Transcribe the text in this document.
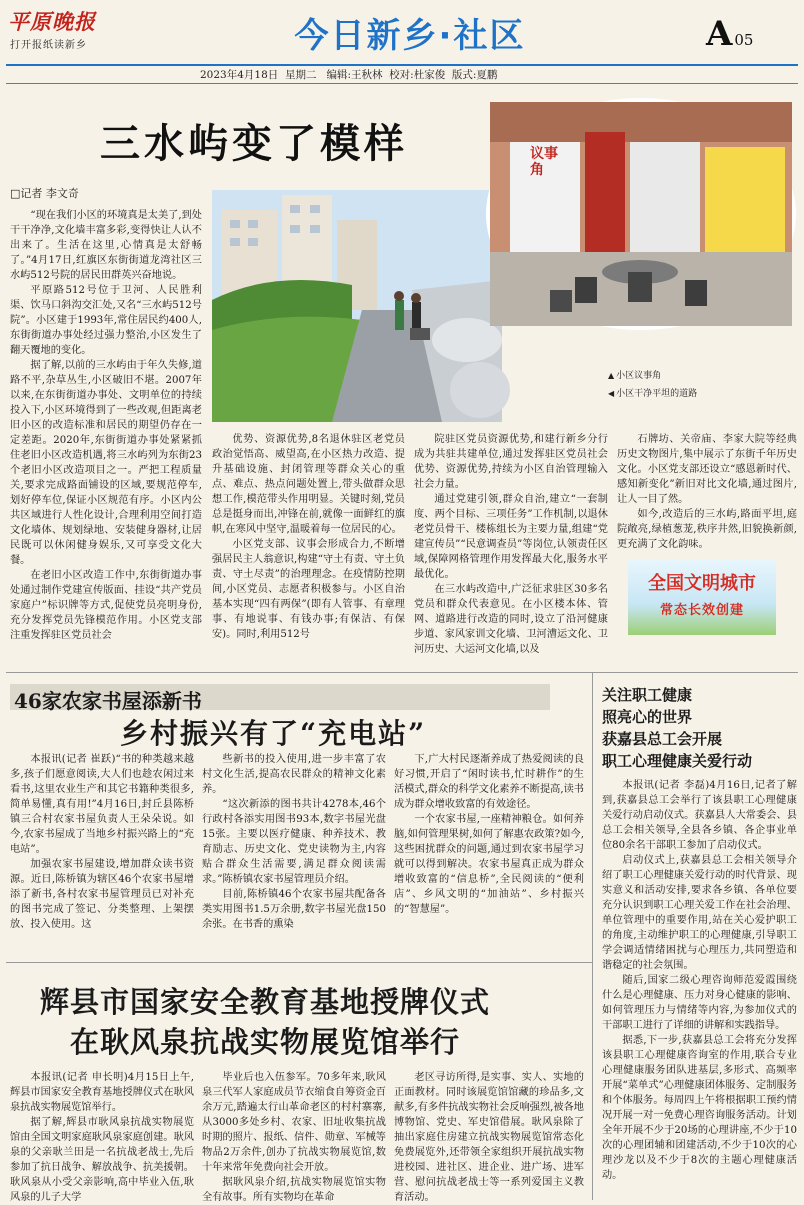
平原晚报
打开报纸读新乡	今日新乡·社区	A 05
2023年4月18日  星期二   编辑:王秋林  校对:杜家俊  版式:夏鹏
三水屿变了模样
□记者 李文奇

“现在我们小区的环境真是太美了,到处干干净净,文化墙丰富多彩,变得快让人认不出来了。生活在这里,心情真是太舒畅了。”4月17日,红旗区东街街道龙湾社区三水屿512号院的居民田群英兴奋地说。

平原路512号位于卫河、人民胜利渠、饮马口斜沟交汇处,又名“三水屿512号院”。小区建于1993年,常住居民约400人,东街街道办事处经过强力整治,小区发生了翻天覆地的变化。

据了解,以前的三水屿由于年久失修,道路不平,杂草丛生,小区破旧不堪。2007年以来,在东街街道办事处、文明单位的持续投入下,小区环境得到了一些改观,但距离老旧小区的改造标准和居民的期望仍存在一定差距。2020年,东街街道办事处紧紧抓住老旧小区改造机遇,将三水屿列为东街23个老旧小区改造项目之一。严把工程质量关,要求完成路面铺设的区域,要规范停车,划好停车位,保证小区规范有序。小区内公共区域进行人性化设计,合理利用空间打造文化墙体、规划绿地、安装健身器材,让居民既可以休闲健身娱乐,又可享受文化大餐。

在老旧小区改造工作中,东街街道办事处通过制作党建宣传版面、挂设“共产党员家庭户”标识牌等方式,促使党员亮明身份,充分发挥党员先锋模范作用。小区党支部注重发挥驻区党员社会

议事角
▲ 小区议事角
◀ 小区干净平坦的道路

优势、资源优势,8名退休驻区老党员政治觉悟高、威望高,在小区热力改造、提升基础设施、封闭管理等群众关心的重点、难点、热点问题处置上,带头做群众思想工作,模范带头作用明显。关键时刻,党员总是挺身而出,冲锋在前,就像一面鲜红的旗帜,在寒风中坚守,温暖着每一位居民的心。

小区党支部、议事会形成合力,不断增强居民主人翁意识,构建“守土有责、守土负责、守土尽责”的治理理念。在疫情防控期间,小区党员、志愿者积极参与。小区自治基本实现“四有两保”(即有人管事、有章理事、有地说事、有钱办事;有保洁、有保安)。同时,利用512号

院驻区党员资源优势,和建行新乡分行成为共驻共建单位,通过发挥驻区党员社会优势、资源优势,持续为小区自治管理输入社会力量。

通过党建引领,群众自治,建立“一套制度、两个目标、三项任务”工作机制,以退休老党员骨干、楼栋组长为主要力量,组建“党建宣传员”“民意调查员”等岗位,认领责任区域,保障网格管理作用发挥最大化,服务水平最优化。

在三水屿改造中,广泛征求驻区30多名党员和群众代表意见。在小区楼本体、管网、道路进行改造的同时,设立了沿河健康步道、家风家训文化墙、卫河漕运文化、卫河历史、大运河文化墙,以及

石牌坊、关帝庙、李家大院等经典历史文物图片,集中展示了东街千年历史文化。小区党支部还设立“感恩新时代、感知新变化”新旧对比文化墙,通过图片,让人一目了然。

如今,改造后的三水屿,路面平坦,庭院敞亮,绿植葱茏,秩序井然,旧貌换新颜,更充满了文化韵味。

全国文明城市
常态长效创建
46家农家书屋添新书
乡村振兴有了“充电站”

本报讯(记者 崔跃)“书的种类越来越多,孩子们愿意阅读,大人们也趁农闲过来看书,这里农业生产和其它书籍种类很多,简单易懂,真有用!”4月16日,封丘县陈桥镇三合村农家书屋负责人王朵朵说。如今,农家书屋成了当地乡村振兴路上的“充电站”。

加强农家书屋建设,增加群众读书资源。近日,陈桥镇为辖区46个农家书屋增添了新书,各村农家书屋管理员已对补充的图书完成了签记、分类整理、上架摆放、投入使用。这

些新书的投入使用,进一步丰富了农村文化生活,提高农民群众的精神文化素养。

“这次新添的图书共计4278本,46个行政村各添实用图书93本,数字书屋光盘15张。主要以医疗健康、种养技术、教育励志、历史文化、党史读物为主,内容贴合群众生活需要,满足群众阅读需求。”陈桥镇农家书屋管理员介绍。

目前,陈桥镇46个农家书屋共配备各类实用图书1.5万余册,数字书屋光盘150余张。在书香的熏染

下,广大村民逐渐养成了热爱阅读的良好习惯,开启了“闲时读书,忙时耕作”的生活模式,群众的科学文化素养不断提高,读书成为群众增收致富的有效途径。

一个农家书屋,一座精神粮仓。如何养脑,如何管理果树,如何了解惠农政策?如今,这些困扰群众的问题,通过到农家书屋学习就可以得到解决。农家书屋真正成为群众增收致富的“信息桥”,全民阅读的“便利店”、乡风文明的“加油站”、乡村振兴的“智慧屋”。

辉县市国家安全教育基地授牌仪式
在耿风泉抗战实物展览馆举行

本报讯(记者 申长明)4月15日上午,辉县市国家安全教育基地授牌仪式在耿风泉抗战实物展览馆举行。

据了解,辉县市耿风泉抗战实物展览馆由全国文明家庭耿风泉家庭创建。耿风泉的父亲耿兰田是一名抗战老战士,先后参加了抗日战争、解放战争、抗美援朝。耿风泉从小受父亲影响,高中毕业入伍,耿风泉的儿子大学

毕业后也入伍参军。70多年来,耿风泉三代军人家庭成员节衣缩食自筹资金百余万元,踏遍太行山革命老区的村村寨寨,从3000多处乡村、农家、旧址收集抗战时期的照片、报纸、信件、勋章、军械等物品2万余件,创办了抗战实物展览馆,数十年来常年免费向社会开放。

据耿风泉介绍,抗战实物展览馆实物全有故事。所有实物均在革命

老区寻访所得,是实事、实人、实地的正面教材。同时该展览馆馆藏的珍品多,文献多,有多件抗战实物社会反响强烈,被各地博物馆、党史、军史馆借展。耿风泉除了抽出家庭住房建立抗战实物展览馆常态化免费展览外,还带领全家组织开展抗战实物进校园、进社区、进企业、进广场、进军营、慰问抗战老战士等一系列爱国主义教育活动。

关注职工健康
照亮心的世界
获嘉县总工会开展
职工心理健康关爱行动

本报讯(记者 李磊)4月16日,记者了解到,获嘉县总工会举行了该县职工心理健康关爱行动启动仪式。获嘉县人大常委会、县总工会相关领导,全县各乡镇、各企事业单位80余名干部职工参加了启动仪式。

启动仪式上,获嘉县总工会相关领导介绍了职工心理健康关爱行动的时代背景、现实意义和活动安排,要求各乡镇、各单位要充分认识到职工心理关爱工作在社会治理、单位管理中的重要作用,站在关心爱护职工的角度,主动维护职工的心理健康,引导职工学会调适情绪困扰与心理压力,共同塑造和谐稳定的社会氛围。

随后,国家二级心理咨询师范爱霞围绕什么是心理健康、压力对身心健康的影响、如何管理压力与情绪等内容,为参加仪式的干部职工进行了详细的讲解和实践指导。

据悉,下一步,获嘉县总工会将充分发挥该县职工心理健康咨询室的作用,联合专业心理健康服务团队进基层,多形式、高频率开展“菜单式”心理健康团体服务、定制服务和个体服务。每周四上午将根据职工预约情况开展一对一免费心理咨询服务活动。计划全年开展不少于20场的心理讲座,不少于10次的心理团辅和团建活动,不少于10次的心理沙龙以及不少于8次的主题心理健康活动。
